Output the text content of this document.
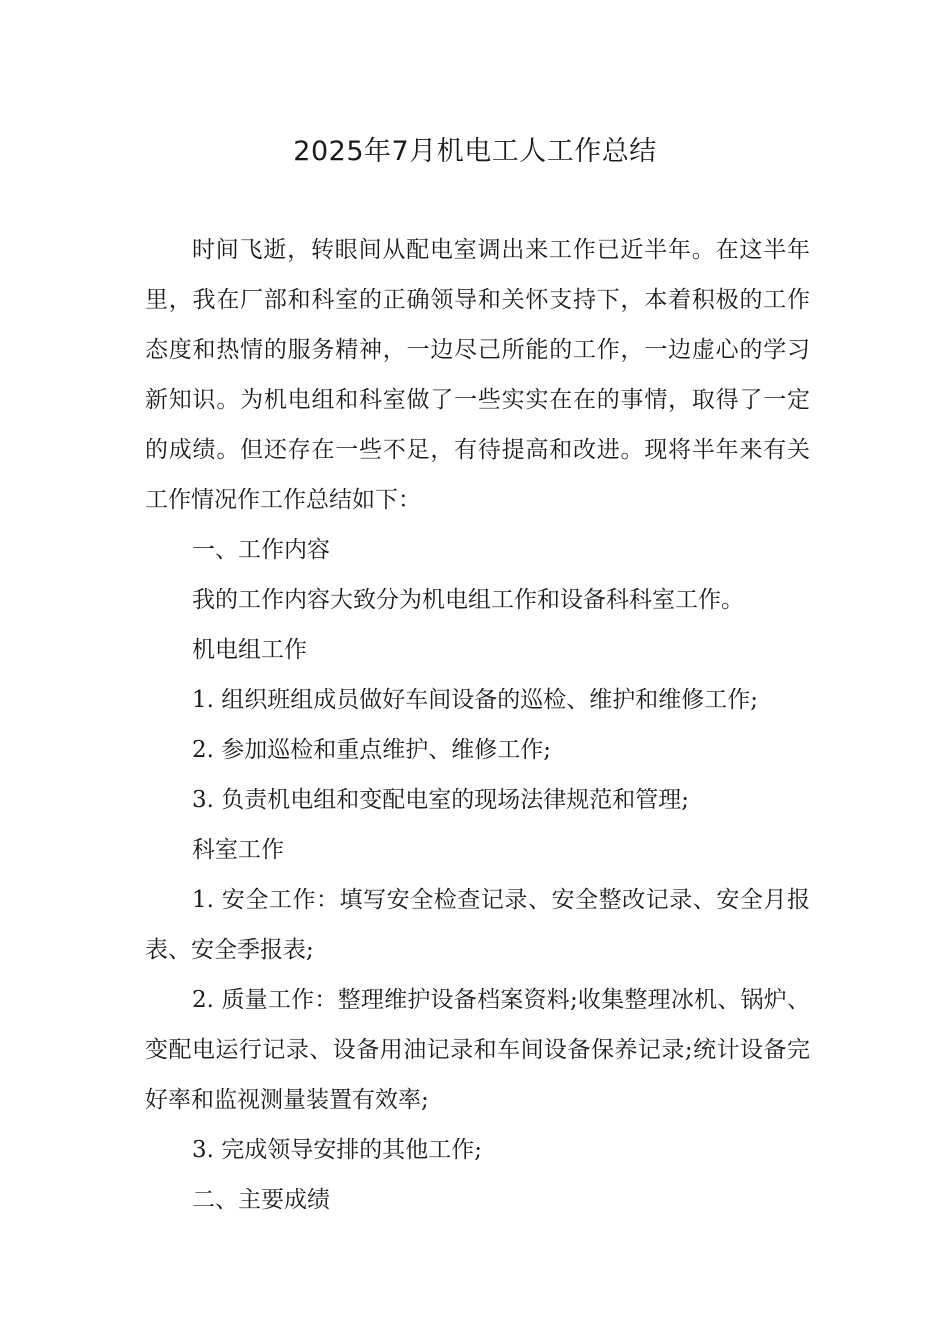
2025年7月机电工人工作总结

时间飞逝，转眼间从配电室调出来工作已近半年。在这半年里，我在厂部和科室的正确领导和关怀支持下，本着积极的工作态度和热情的服务精神，一边尽己所能的工作，一边虚心的学习新知识。为机电组和科室做了一些实实在在的事情，取得了一定的成绩。但还存在一些不足，有待提高和改进。现将半年来有关工作情况作工作总结如下：

一、工作内容

我的工作内容大致分为机电组工作和设备科科室工作。

机电组工作

1. 组织班组成员做好车间设备的巡检、维护和维修工作;

2. 参加巡检和重点维护、维修工作;

3. 负责机电组和变配电室的现场法律规范和管理;

科室工作

1. 安全工作：填写安全检查记录、安全整改记录、安全月报表、安全季报表;

2. 质量工作：整理维护设备档案资料;收集整理冰机、锅炉、变配电运行记录、设备用油记录和车间设备保养记录;统计设备完好率和监视测量装置有效率;

3. 完成领导安排的其他工作;

二、主要成绩
